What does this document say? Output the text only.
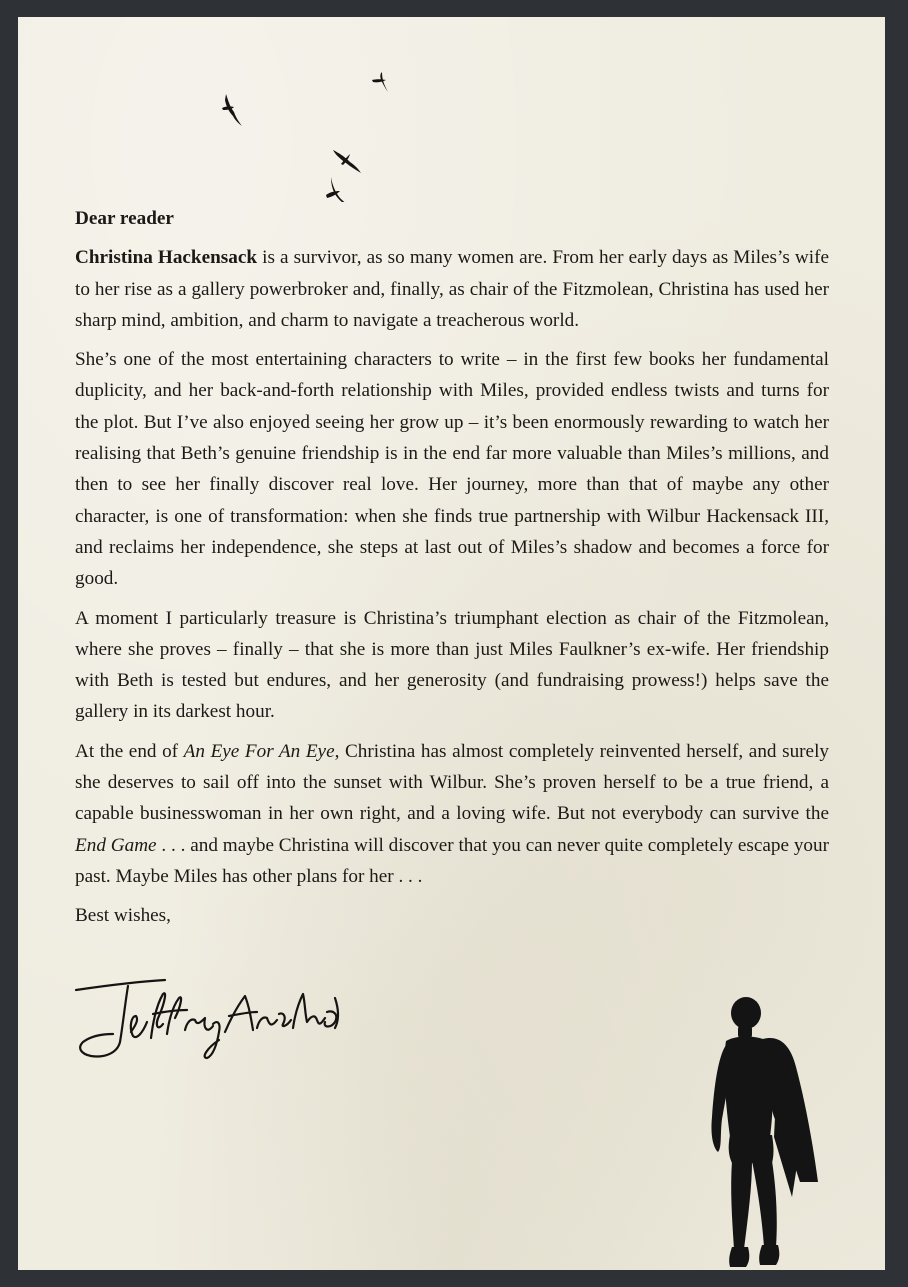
Dear reader

Christina Hackensack is a survivor, as so many women are. From her early days as Miles’s wife to her rise as a gallery powerbroker and, finally, as chair of the Fitzmolean, Christina has used her sharp mind, ambition, and charm to navigate a treacherous world.

She’s one of the most entertaining characters to write – in the first few books her fundamental duplicity, and her back-and-forth relationship with Miles, provided endless twists and turns for the plot. But I’ve also enjoyed seeing her grow up – it’s been enormously rewarding to watch her realising that Beth’s genuine friendship is in the end far more valuable than Miles’s millions, and then to see her finally discover real love. Her journey, more than that of maybe any other character, is one of transformation: when she finds true partnership with Wilbur Hackensack III, and reclaims her independence, she steps at last out of Miles’s shadow and becomes a force for good.

A moment I particularly treasure is Christina’s triumphant election as chair of the Fitzmolean, where she proves – finally – that she is more than just Miles Faulkner’s ex-wife. Her friendship with Beth is tested but endures, and her generosity (and fundraising prowess!) helps save the gallery in its darkest hour.

At the end of An Eye For An Eye, Christina has almost completely reinvented herself, and surely she deserves to sail off into the sunset with Wilbur. She’s proven herself to be a true friend, a capable businesswoman in her own right, and a loving wife. But not everybody can survive the End Game . . . and maybe Christina will discover that you can never quite completely escape your past. Maybe Miles has other plans for her . . .

Best wishes,
